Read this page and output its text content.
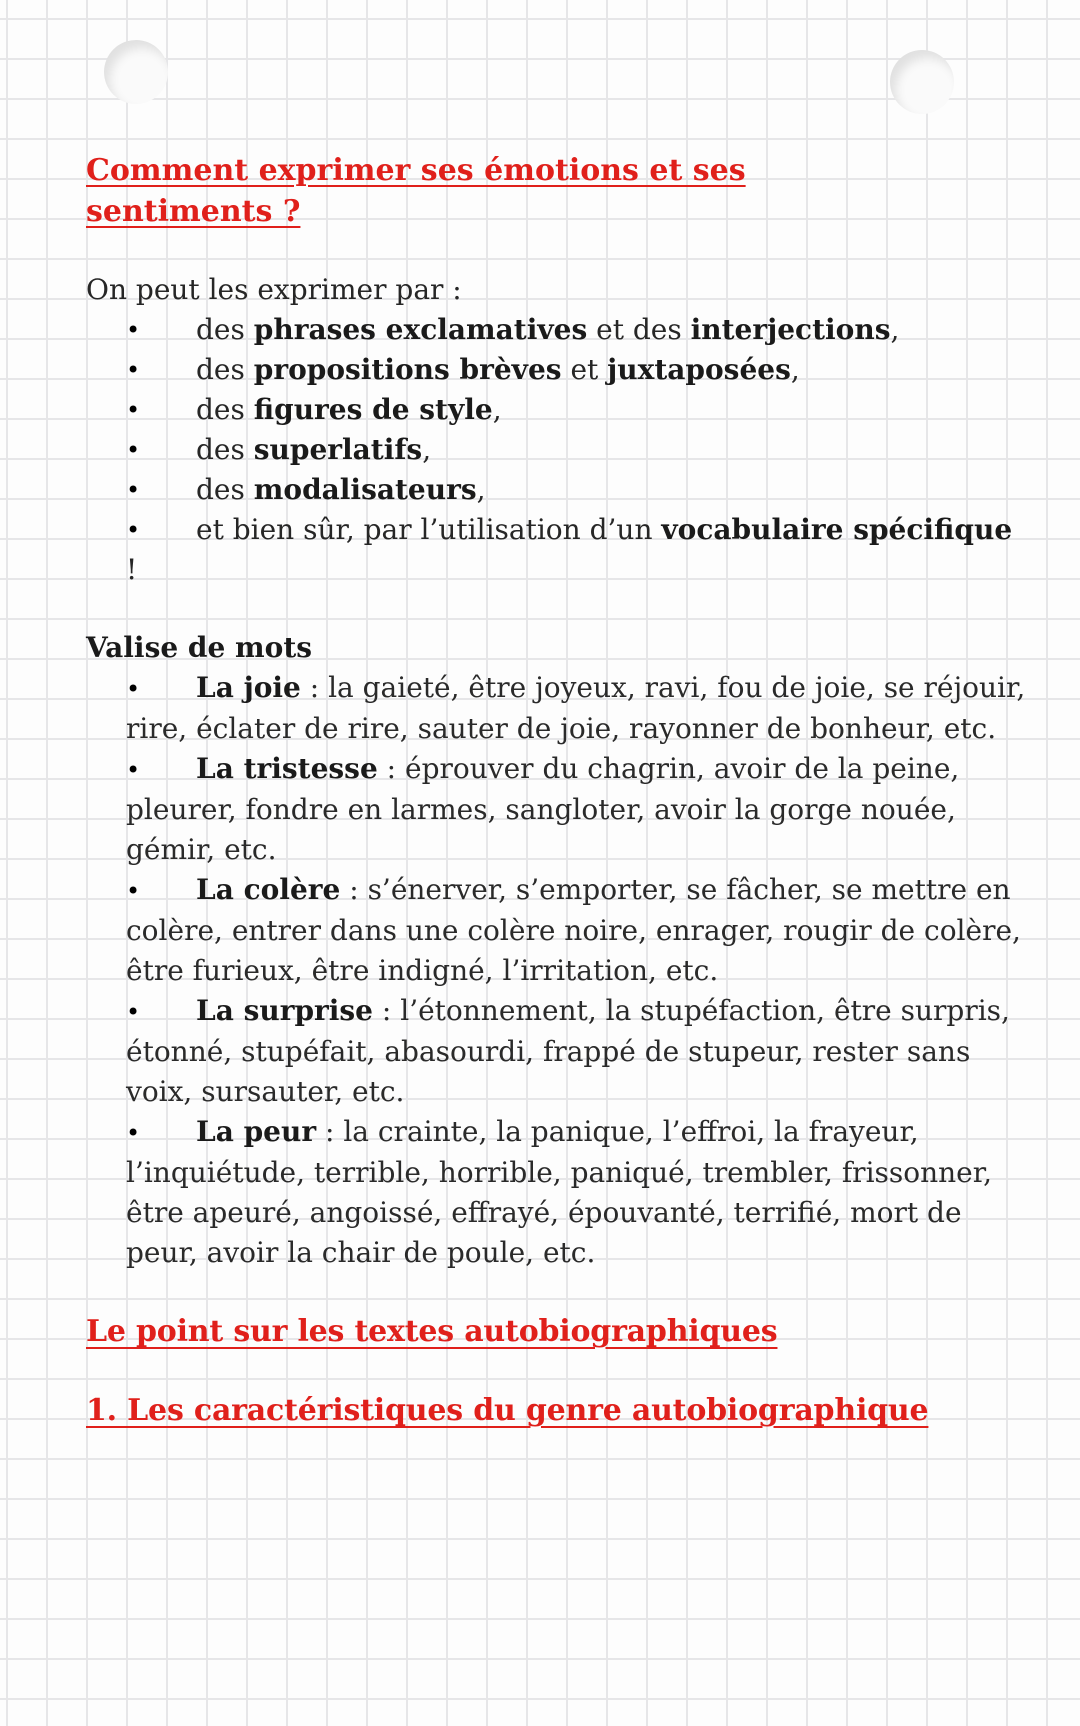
Comment exprimer ses émotions et ses sentiments ?
On peut les exprimer par :
• des phrases exclamatives et des interjections,
• des propositions brèves et juxtaposées,
• des figures de style,
• des superlatifs,
• des modalisateurs,
• et bien sûr, par l’utilisation d’un vocabulaire spécifique !
Valise de mots
• La joie : la gaieté, être joyeux, ravi, fou de joie, se réjouir, rire, éclater de rire, sauter de joie, rayonner de bonheur, etc.
• La tristesse : éprouver du chagrin, avoir de la peine, pleurer, fondre en larmes, sangloter, avoir la gorge nouée, gémir, etc.
• La colère : s’énerver, s’emporter, se fâcher, se mettre en colère, entrer dans une colère noire, enrager, rougir de colère, être furieux, être indigné, l’irritation, etc.
• La surprise : l’étonnement, la stupéfaction, être surpris, étonné, stupéfait, abasourdi, frappé de stupeur, rester sans voix, sursauter, etc.
• La peur : la crainte, la panique, l’effroi, la frayeur, l’inquiétude, terrible, horrible, paniqué, trembler, frissonner, être apeuré, angoissé, effrayé, épouvanté, terrifié, mort de peur, avoir la chair de poule, etc.
Le point sur les textes autobiographiques
1. Les caractéristiques du genre autobiographique
